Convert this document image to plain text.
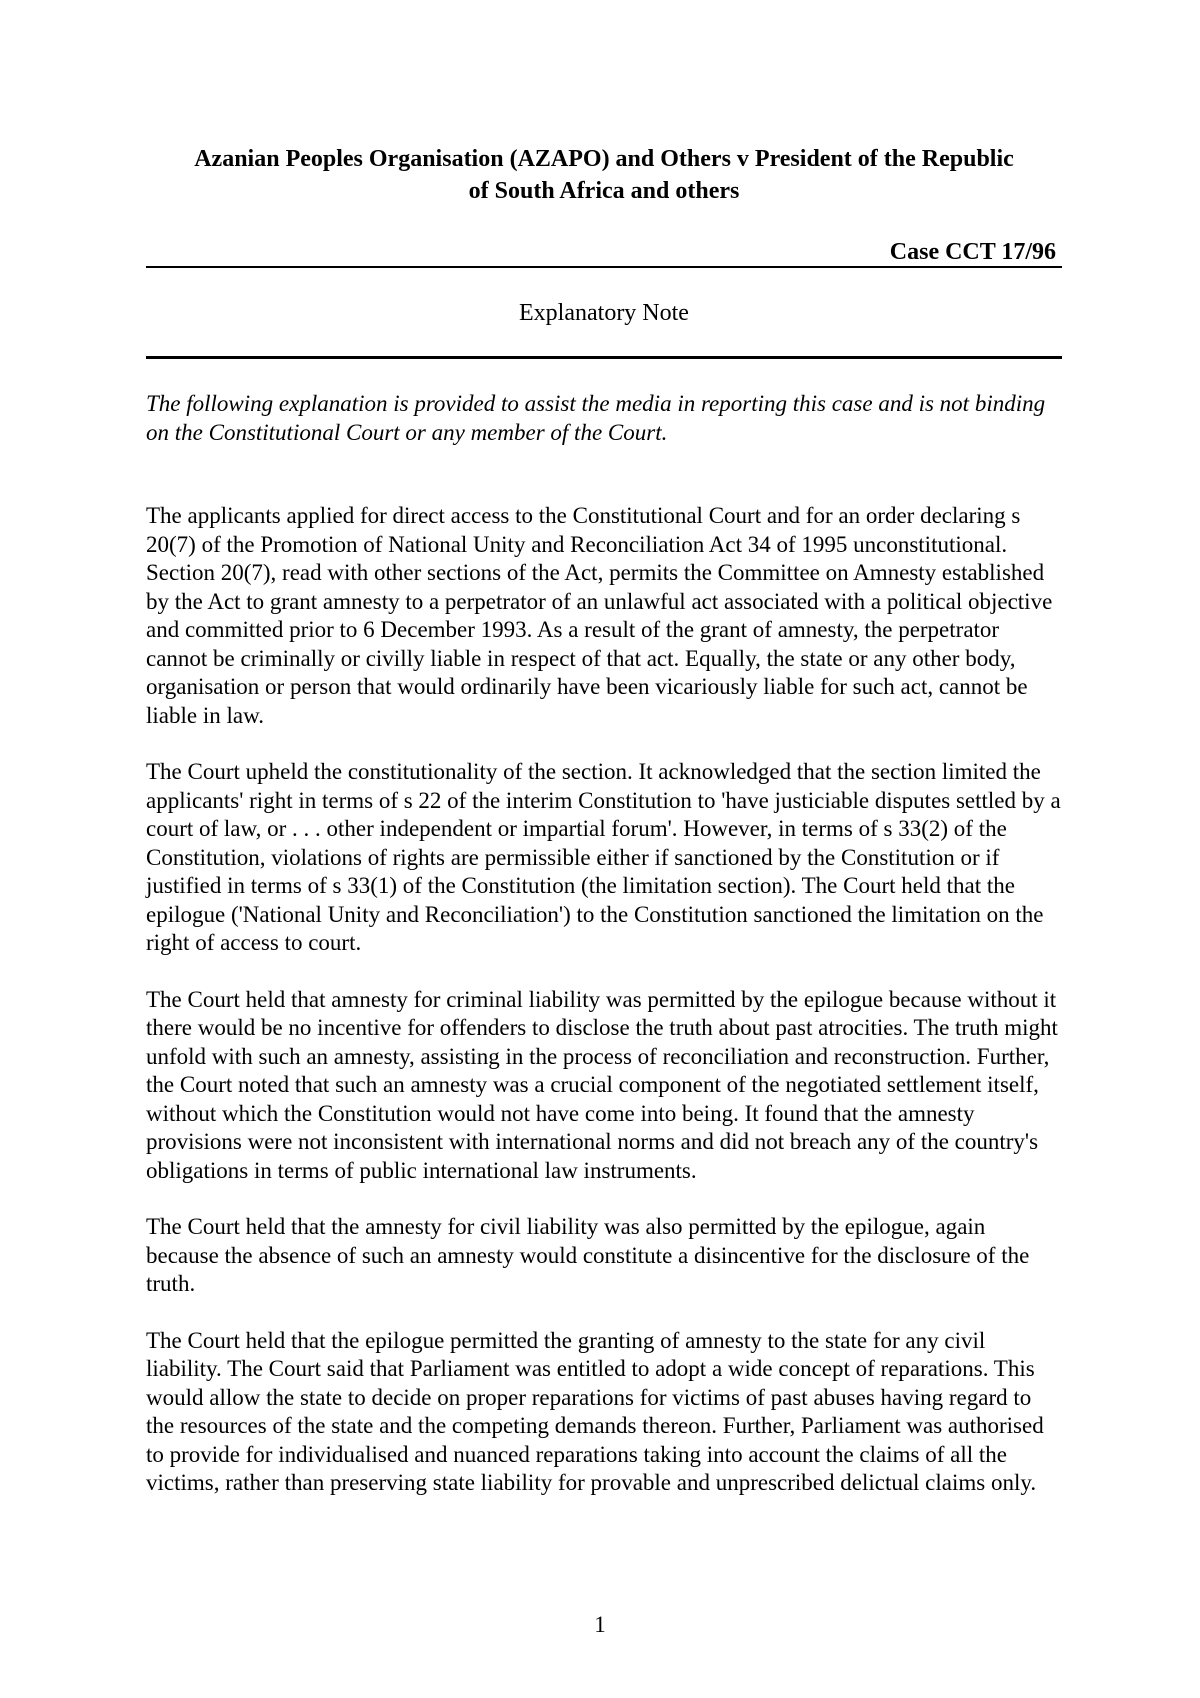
Azanian Peoples Organisation (AZAPO) and Others v President of the Republic
of South Africa and others

Case CCT 17/96

Explanatory Note

The following explanation is provided to assist the media in reporting this case and is not binding on the Constitutional Court or any member of the Court.

The applicants applied for direct access to the Constitutional Court and for an order declaring s 20(7) of the Promotion of National Unity and Reconciliation Act 34 of 1995 unconstitutional. Section 20(7), read with other sections of the Act, permits the Committee on Amnesty established by the Act to grant amnesty to a perpetrator of an unlawful act associated with a political objective and committed prior to 6 December 1993. As a result of the grant of amnesty, the perpetrator cannot be criminally or civilly liable in respect of that act. Equally, the state or any other body, organisation or person that would ordinarily have been vicariously liable for such act, cannot be liable in law.

The Court upheld the constitutionality of the section. It acknowledged that the section limited the applicants' right in terms of s 22 of the interim Constitution to 'have justiciable disputes settled by a court of law, or . . . other independent or impartial forum'. However, in terms of s 33(2) of the Constitution, violations of rights are permissible either if sanctioned by the Constitution or if justified in terms of s 33(1) of the Constitution (the limitation section). The Court held that the epilogue ('National Unity and Reconciliation') to the Constitution sanctioned the limitation on the right of access to court.

The Court held that amnesty for criminal liability was permitted by the epilogue because without it there would be no incentive for offenders to disclose the truth about past atrocities. The truth might unfold with such an amnesty, assisting in the process of reconciliation and reconstruction. Further, the Court noted that such an amnesty was a crucial component of the negotiated settlement itself, without which the Constitution would not have come into being. It found that the amnesty provisions were not inconsistent with international norms and did not breach any of the country's obligations in terms of public international law instruments.

The Court held that the amnesty for civil liability was also permitted by the epilogue, again because the absence of such an amnesty would constitute a disincentive for the disclosure of the truth.

The Court held that the epilogue permitted the granting of amnesty to the state for any civil liability. The Court said that Parliament was entitled to adopt a wide concept of reparations. This would allow the state to decide on proper reparations for victims of past abuses having regard to the resources of the state and the competing demands thereon. Further, Parliament was authorised to provide for individualised and nuanced reparations taking into account the claims of all the victims, rather than preserving state liability for provable and unprescribed delictual claims only.

1
